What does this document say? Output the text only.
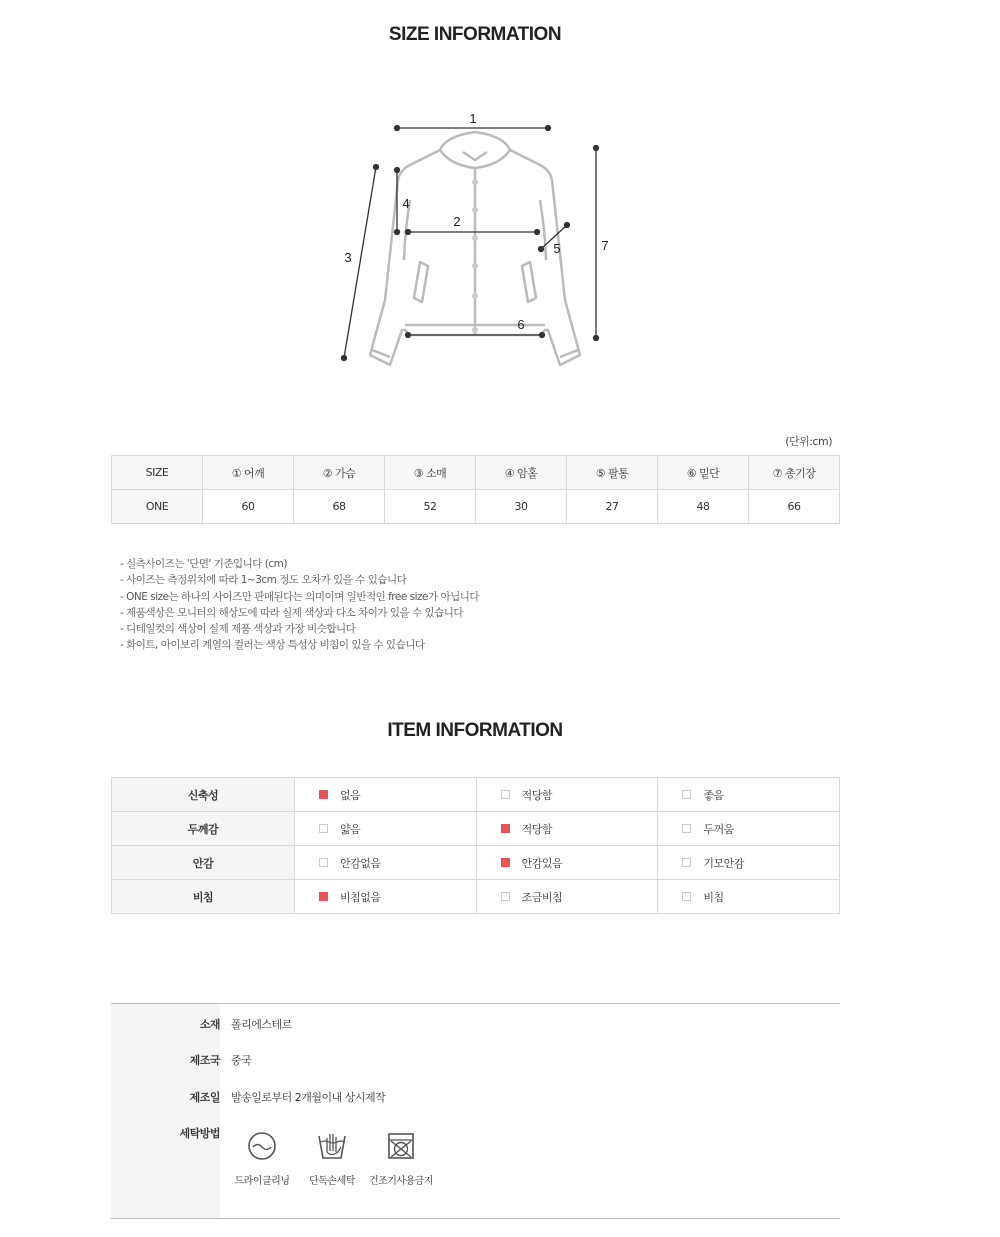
SIZE INFORMATION
1
2
3
4
5
6
7
(단위:cm)
SIZE	① 어깨	② 가슴	③ 소매	④ 암홀	⑤ 팔통	⑥ 밑단	⑦ 총기장
ONE	60	68	52	30	27	48	66
- 실측사이즈는 '단면' 기준입니다 (cm)
- 사이즈는 측정위치에 따라 1~3cm 정도 오차가 있을 수 있습니다
- ONE size는 하나의 사이즈만 판매된다는 의미이며 일반적인 free size가 아닙니다
- 제품색상은 모니터의 해상도에 따라 실제 색상과 다소 차이가 있을 수 있습니다
- 디테일컷의 색상이 실제 제품 색상과 가장 비슷합니다
- 화이트, 아이보리 계열의 컬러는 색상 특성상 비침이 있을 수 있습니다
ITEM INFORMATION
신축성	없음	적당함	좋음
두께감	얇음	적당함	두꺼움
안감	안감없음	안감있음	기모안감
비침	비침없음	조금비침	비침
소재 폴리에스테르
제조국 중국
제조일 발송일로부터 2개월이내 상시제작
세탁방법
드라이클리닝	단독손세탁	건조기사용금지
